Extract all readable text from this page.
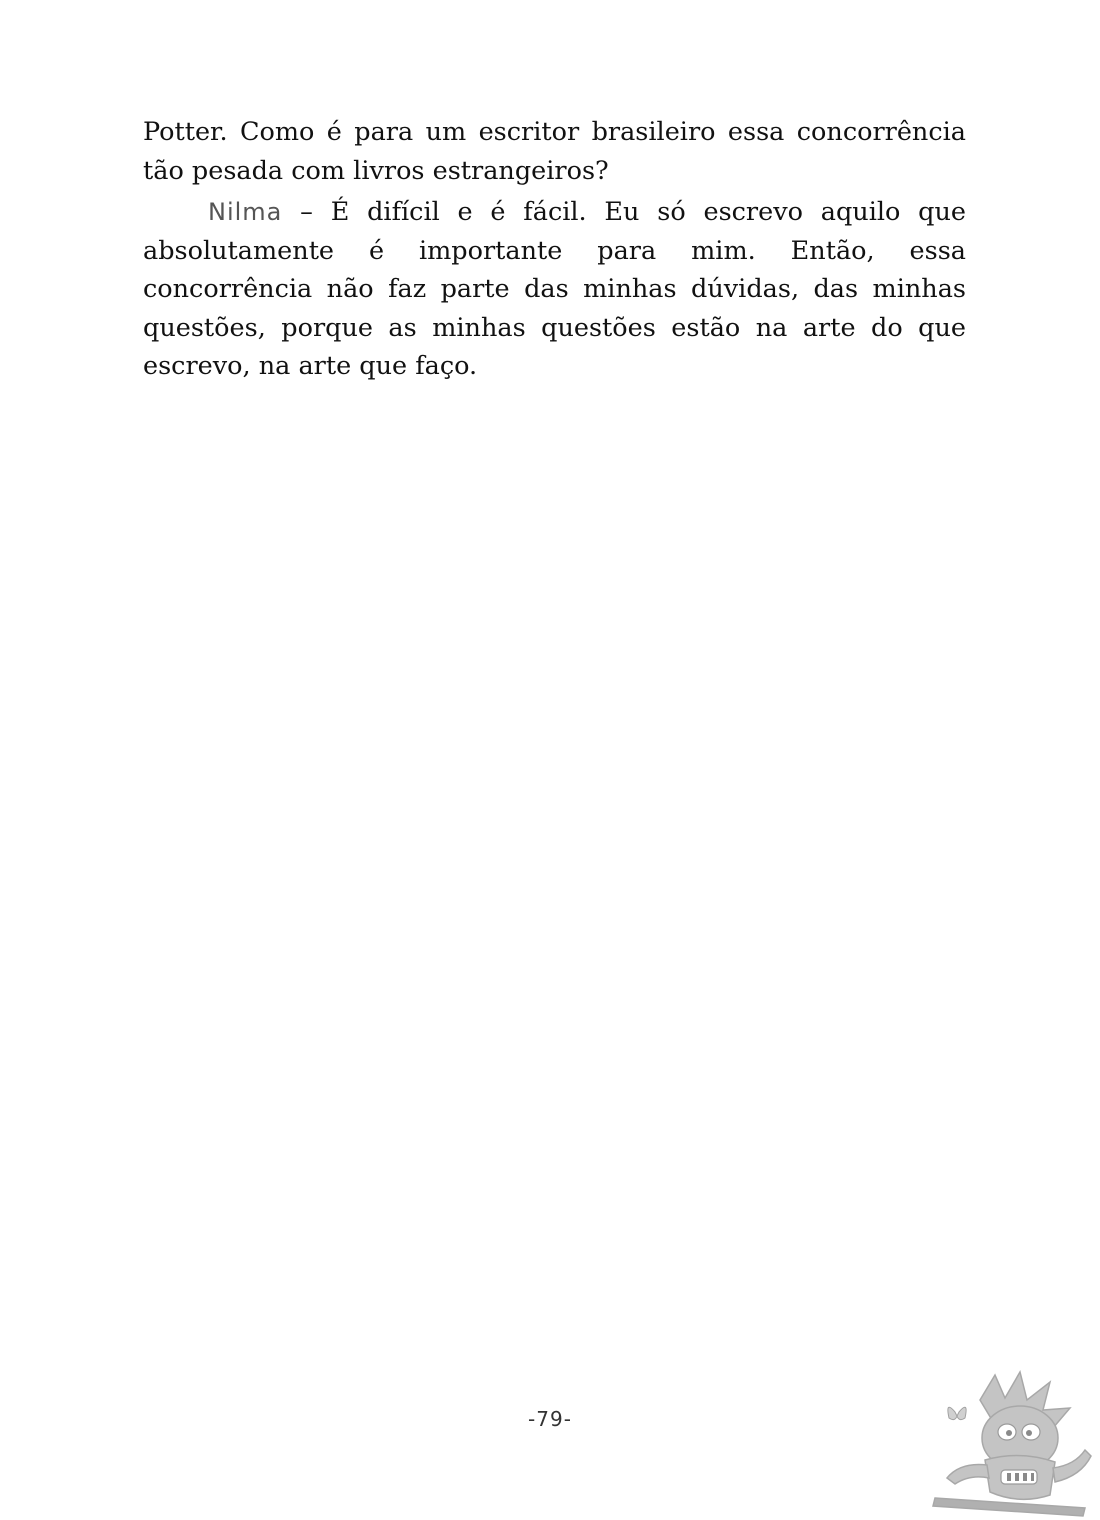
Potter. Como é para um escritor brasileiro essa concorrência tão pesada com livros estrangeiros?

Nilma – É difícil e é fácil. Eu só escrevo aquilo que absolutamente é importante para mim. Então, essa concorrência não faz parte das minhas dúvidas, das minhas questões, porque as minhas questões estão na arte do que escrevo, na arte que faço.

-79-
